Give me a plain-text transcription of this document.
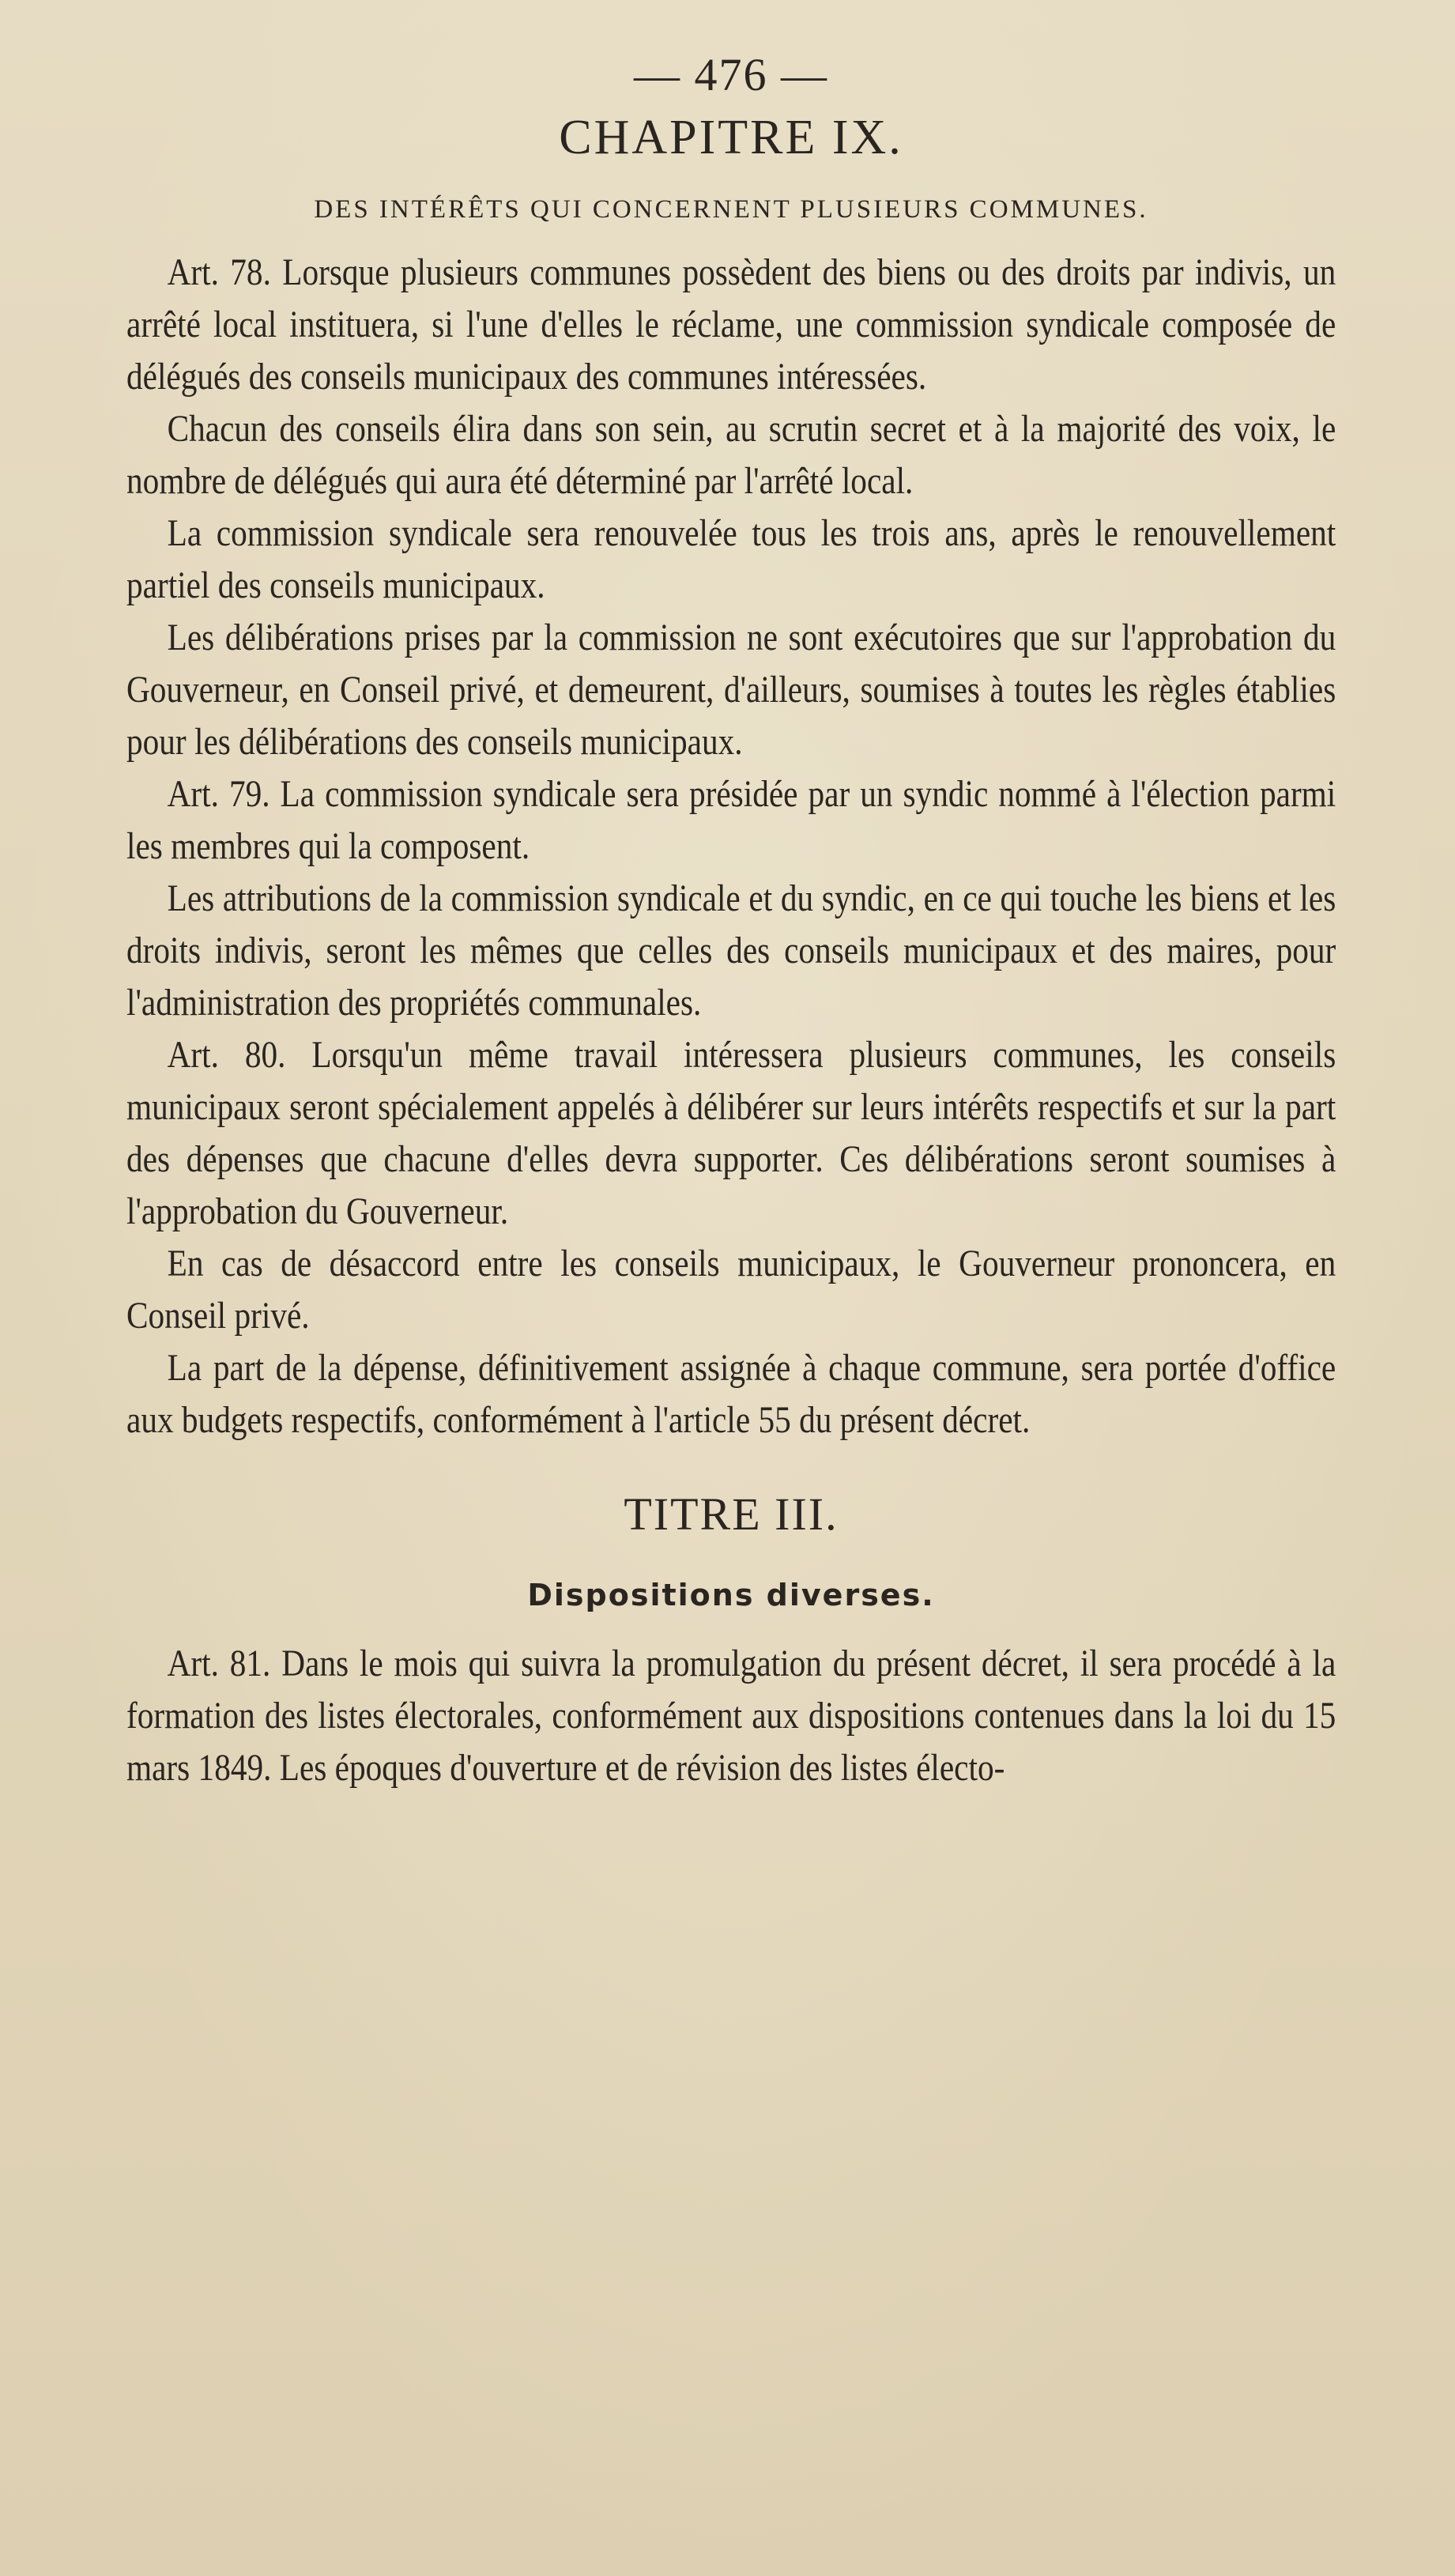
— 476 —
CHAPITRE IX.
DES INTÉRÊTS QUI CONCERNENT PLUSIEURS COMMUNES.

Art. 78. Lorsque plusieurs communes possèdent des biens ou des droits par indivis, un arrêté local instituera, si l'une d'elles le réclame, une commission syndicale composée de délégués des conseils municipaux des communes intéressées.

Chacun des conseils élira dans son sein, au scrutin secret et à la majorité des voix, le nombre de délégués qui aura été déterminé par l'arrêté local.

La commission syndicale sera renouvelée tous les trois ans, après le renouvellement partiel des conseils municipaux.

Les délibérations prises par la commission ne sont exécutoires que sur l'approbation du Gouverneur, en Conseil privé, et demeurent, d'ailleurs, soumises à toutes les règles établies pour les délibérations des conseils municipaux.

Art. 79. La commission syndicale sera présidée par un syndic nommé à l'élection parmi les membres qui la composent.

Les attributions de la commission syndicale et du syndic, en ce qui touche les biens et les droits indivis, seront les mêmes que celles des conseils municipaux et des maires, pour l'administration des propriétés communales.

Art. 80. Lorsqu'un même travail intéressera plusieurs communes, les conseils municipaux seront spécialement appelés à délibérer sur leurs intérêts respectifs et sur la part des dépenses que chacune d'elles devra supporter. Ces délibérations seront soumises à l'approbation du Gouverneur.

En cas de désaccord entre les conseils municipaux, le Gouverneur prononcera, en Conseil privé.

La part de la dépense, définitivement assignée à chaque commune, sera portée d'office aux budgets respectifs, conformément à l'article 55 du présent décret.

TITRE III.
Dispositions diverses.

Art. 81. Dans le mois qui suivra la promulgation du présent décret, il sera procédé à la formation des listes électorales, conformément aux dispositions contenues dans la loi du 15 mars 1849. Les époques d'ouverture et de révision des listes électo-
